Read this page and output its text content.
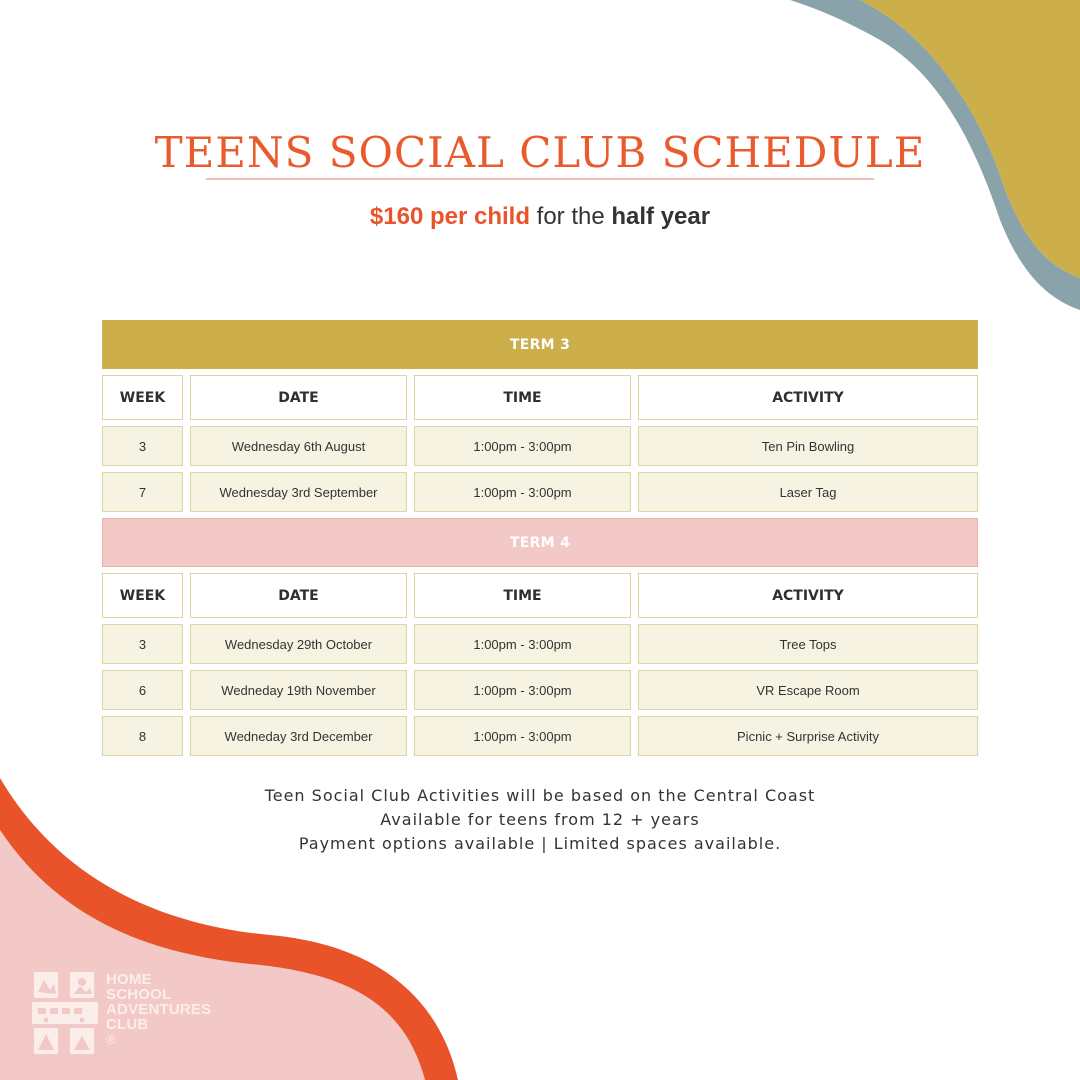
TEENS SOCIAL CLUB SCHEDULE
$160 per child for the half year
TERM 3
WEEK	DATE	TIME	ACTIVITY
3	Wednesday 6th August	1:00pm - 3:00pm	Ten Pin Bowling
7	Wednesday 3rd September	1:00pm - 3:00pm	Laser Tag
TERM 4
WEEK	DATE	TIME	ACTIVITY
3	Wednesday 29th October	1:00pm - 3:00pm	Tree Tops
6	Wedneday 19th November	1:00pm - 3:00pm	VR Escape Room
8	Wedneday 3rd December	1:00pm - 3:00pm	Picnic + Surprise Activity

Teen Social Club Activities will be based on the Central Coast

Available for teens from 12 + years

Payment options available | Limited spaces available.

HOME
SCHOOL
ADVENTURES
CLUB
®
